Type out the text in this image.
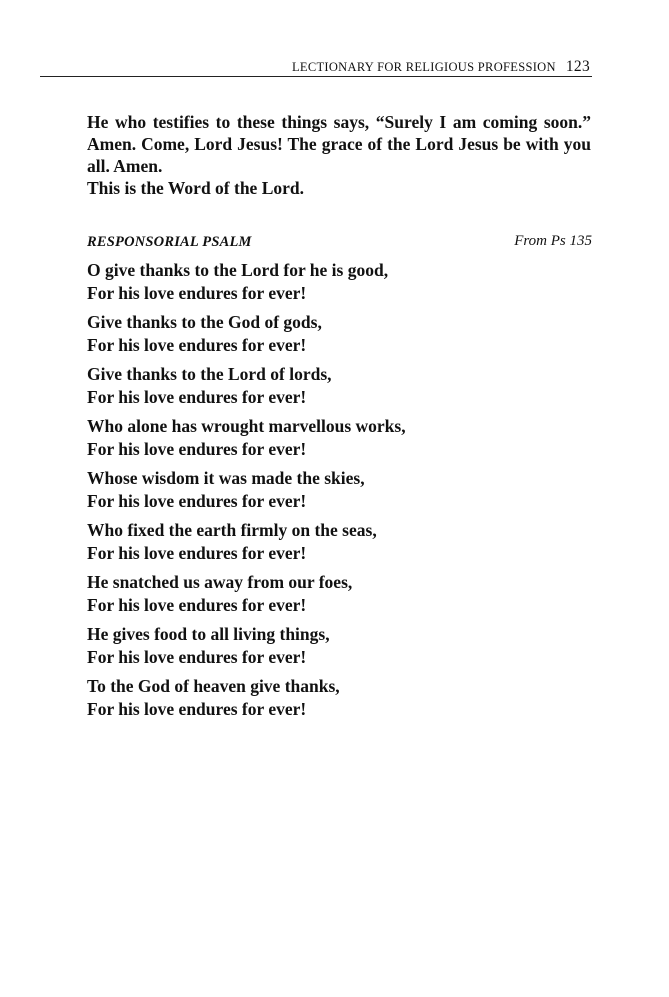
LECTIONARY FOR RELIGIOUS PROFESSION 123

He who testifies to these things says, “Surely I am coming soon.” Amen. Come, Lord Jesus! The grace of the Lord Jesus be with you all. Amen.

This is the Word of the Lord.

RESPONSORIAL PSALM	From Ps 135
O give thanks to the Lord for he is good,
For his love endures for ever!
Give thanks to the God of gods,
For his love endures for ever!
Give thanks to the Lord of lords,
For his love endures for ever!
Who alone has wrought marvellous works,
For his love endures for ever!
Whose wisdom it was made the skies,
For his love endures for ever!
Who fixed the earth firmly on the seas,
For his love endures for ever!
He snatched us away from our foes,
For his love endures for ever!
He gives food to all living things,
For his love endures for ever!
To the God of heaven give thanks,
For his love endures for ever!
